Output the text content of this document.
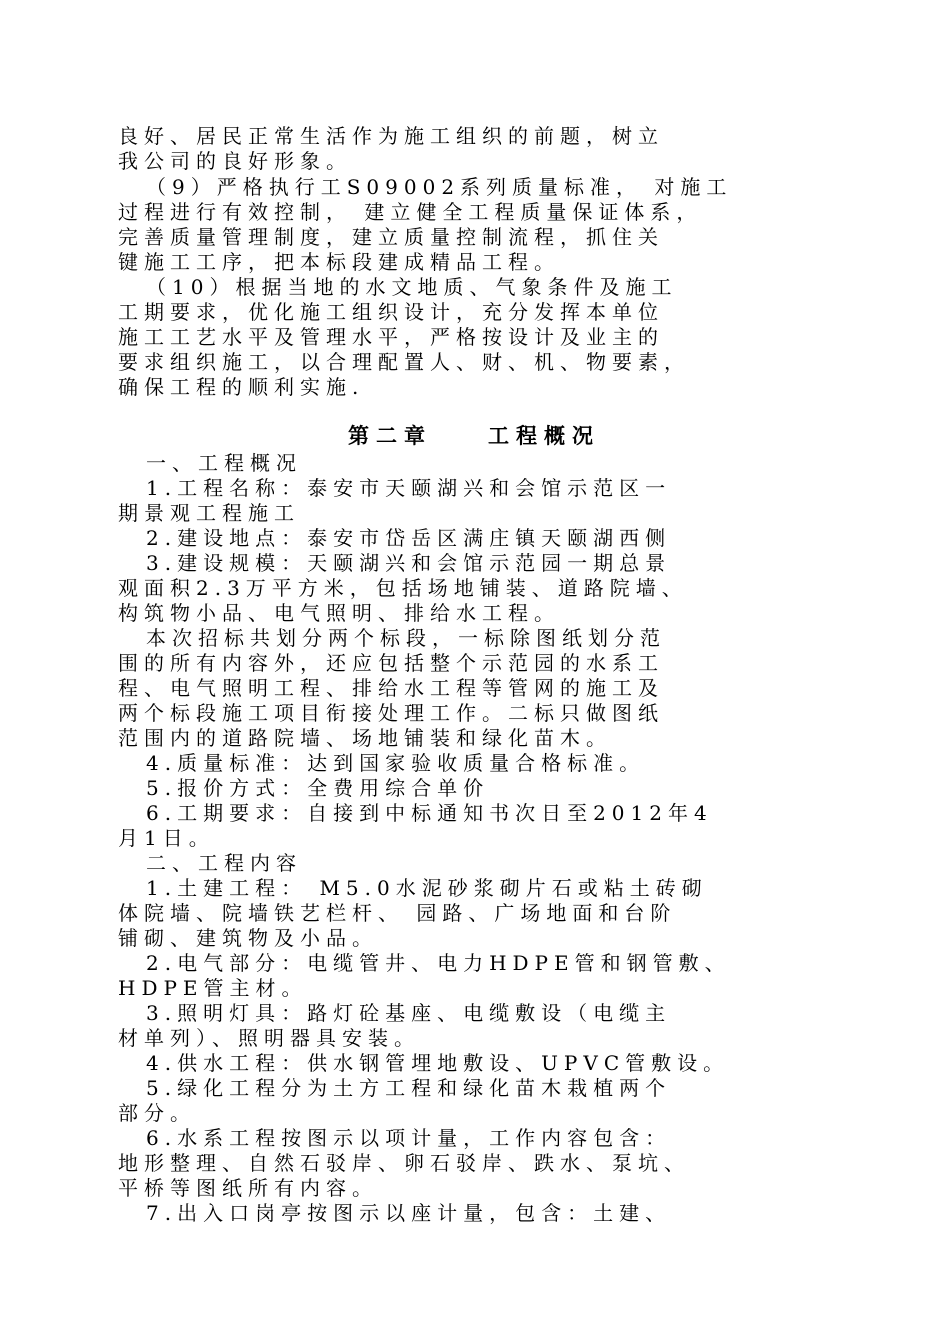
良好、居民正常生活作为施工组织的前题，树立
我公司的良好形象。
（9）严格执行工S09002系列质量标准， 对施工
过程进行有效控制， 建立健全工程质量保证体系，
完善质量管理制度，建立质量控制流程，抓住关
键施工工序，把本标段建成精品工程。
（10）根据当地的水文地质、气象条件及施工
工期要求，优化施工组织设计，充分发挥本单位
施工工艺水平及管理水平，严格按设计及业主的
要求组织施工，以合理配置人、财、机、物要素，
确保工程的顺利实施.
第二章	工程概况
一、工程概况
1.工程名称：泰安市天颐湖兴和会馆示范区一
期景观工程施工
2.建设地点：泰安市岱岳区满庄镇天颐湖西侧
3.建设规模：天颐湖兴和会馆示范园一期总景
观面积2.3万平方米，包括场地铺装、道路院墙、
构筑物小品、电气照明、排给水工程。
本次招标共划分两个标段，一标除图纸划分范
围的所有内容外，还应包括整个示范园的水系工
程、电气照明工程、排给水工程等管网的施工及
两个标段施工项目衔接处理工作。二标只做图纸
范围内的道路院墙、场地铺装和绿化苗木。
4.质量标准：达到国家验收质量合格标准。
5.报价方式：全费用综合单价
6.工期要求：自接到中标通知书次日至2012年4
月1日。
二、工程内容
1.土建工程： M5.0水泥砂浆砌片石或粘土砖砌
体院墙、院墙铁艺栏杆、 园路、广场地面和台阶
铺砌、建筑物及小品。
2.电气部分：电缆管井、电力HDPE管和钢管敷、
HDPE管主材。
3.照明灯具：路灯砼基座、电缆敷设（电缆主
材单列）、照明器具安装。
4.供水工程：供水钢管埋地敷设、UPVC管敷设。
5.绿化工程分为土方工程和绿化苗木栽植两个
部分。
6.水系工程按图示以项计量，工作内容包含：
地形整理、自然石驳岸、卵石驳岸、跌水、泵坑、
平桥等图纸所有内容。
7.出入口岗亭按图示以座计量，包含：土建、
